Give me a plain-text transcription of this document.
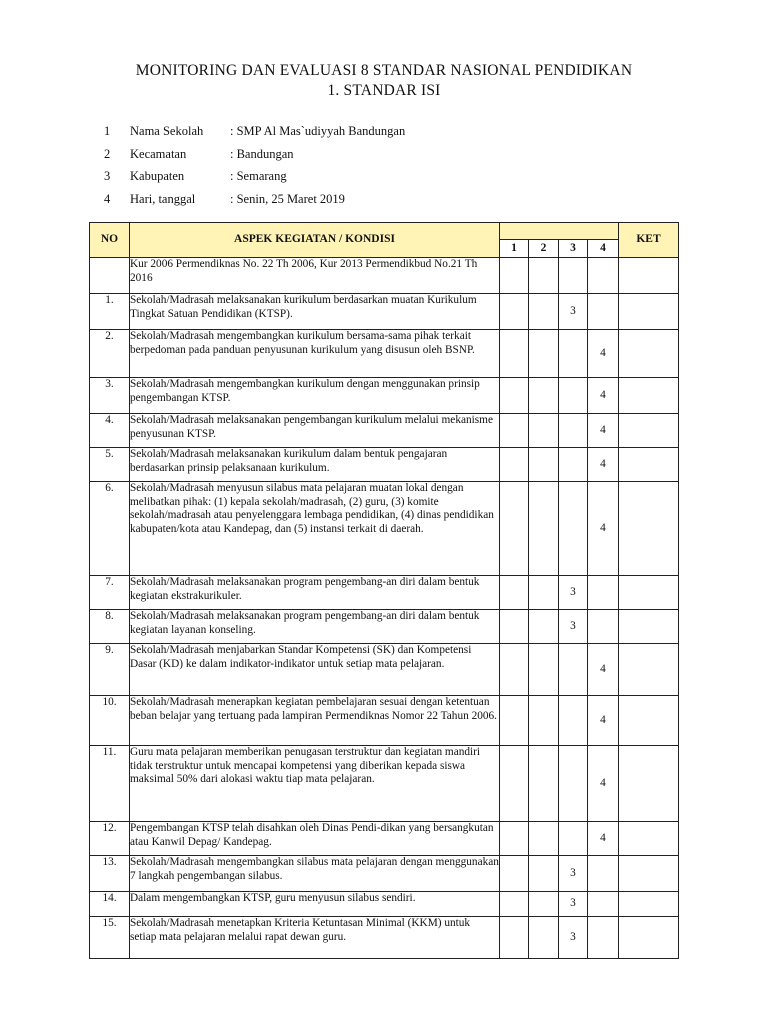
MONITORING DAN EVALUASI 8 STANDAR NASIONAL PENDIDIKAN
1. STANDAR ISI
1 Nama Sekolah : SMP Al Mas`udiyyah Bandungan
2 Kecamatan	: Bandungan
3 Kabupaten	: Semarang
4 Hari, tanggal	: Senin, 25 Maret 2019
NO	ASPEK KEGIATAN / KONDISI					KET
		1	2	3	4	
	Kur 2006 Permendiknas No. 22 Th 2006, Kur 2013 Permendikbud No.21 Th 2016					
1.	Sekolah/Madrasah melaksanakan kurikulum berdasarkan muatan Kurikulum Tingkat Satuan Pendidikan (KTSP).			3		
2.	Sekolah/Madrasah mengembangkan kurikulum bersama-sama pihak terkait berpedoman pada panduan penyusunan kurikulum yang disusun oleh BSNP.				4	
3.	Sekolah/Madrasah mengembangkan kurikulum dengan menggunakan prinsip pengembangan KTSP.				4	
4.	Sekolah/Madrasah melaksanakan pengembangan kurikulum melalui mekanisme penyusunan KTSP.				4	
5.	Sekolah/Madrasah melaksanakan kurikulum dalam bentuk pengajaran berdasarkan prinsip pelaksanaan kurikulum.				4	
6.	Sekolah/Madrasah menyusun silabus mata pelajaran muatan lokal dengan melibatkan pihak: (1) kepala sekolah/madrasah, (2) guru, (3) komite sekolah/madrasah atau penyelenggara lembaga pendidikan, (4) dinas pendidikan kabupaten/kota atau Kandepag, dan (5) instansi terkait di daerah.				4	
7.	Sekolah/Madrasah melaksanakan program pengembang-an diri dalam bentuk kegiatan ekstrakurikuler.			3		
8.	Sekolah/Madrasah melaksanakan program pengembang-an diri dalam bentuk kegiatan layanan konseling.			3		
9.	Sekolah/Madrasah menjabarkan Standar Kompetensi (SK) dan Kompetensi Dasar (KD) ke dalam indikator-indikator untuk setiap mata pelajaran.				4	
10.	Sekolah/Madrasah menerapkan kegiatan pembelajaran sesuai dengan ketentuan beban belajar yang tertuang pada lampiran Permendiknas Nomor 22 Tahun 2006.				4	
11.	Guru mata pelajaran memberikan penugasan terstruktur dan kegiatan mandiri tidak terstruktur untuk mencapai kompetensi yang diberikan kepada siswa maksimal 50% dari alokasi waktu tiap mata pelajaran.				4	
12.	Pengembangan KTSP telah disahkan oleh Dinas Pendi-dikan yang bersangkutan atau Kanwil Depag/ Kandepag.				4	
13.	Sekolah/Madrasah mengembangkan silabus mata pelajaran dengan menggunakan 7 langkah pengembangan silabus.			3		
14.	Dalam mengembangkan KTSP, guru menyusun silabus sendiri.			3		
15.	Sekolah/Madrasah menetapkan Kriteria Ketuntasan Minimal (KKM) untuk setiap mata pelajaran melalui rapat dewan guru.			3		
